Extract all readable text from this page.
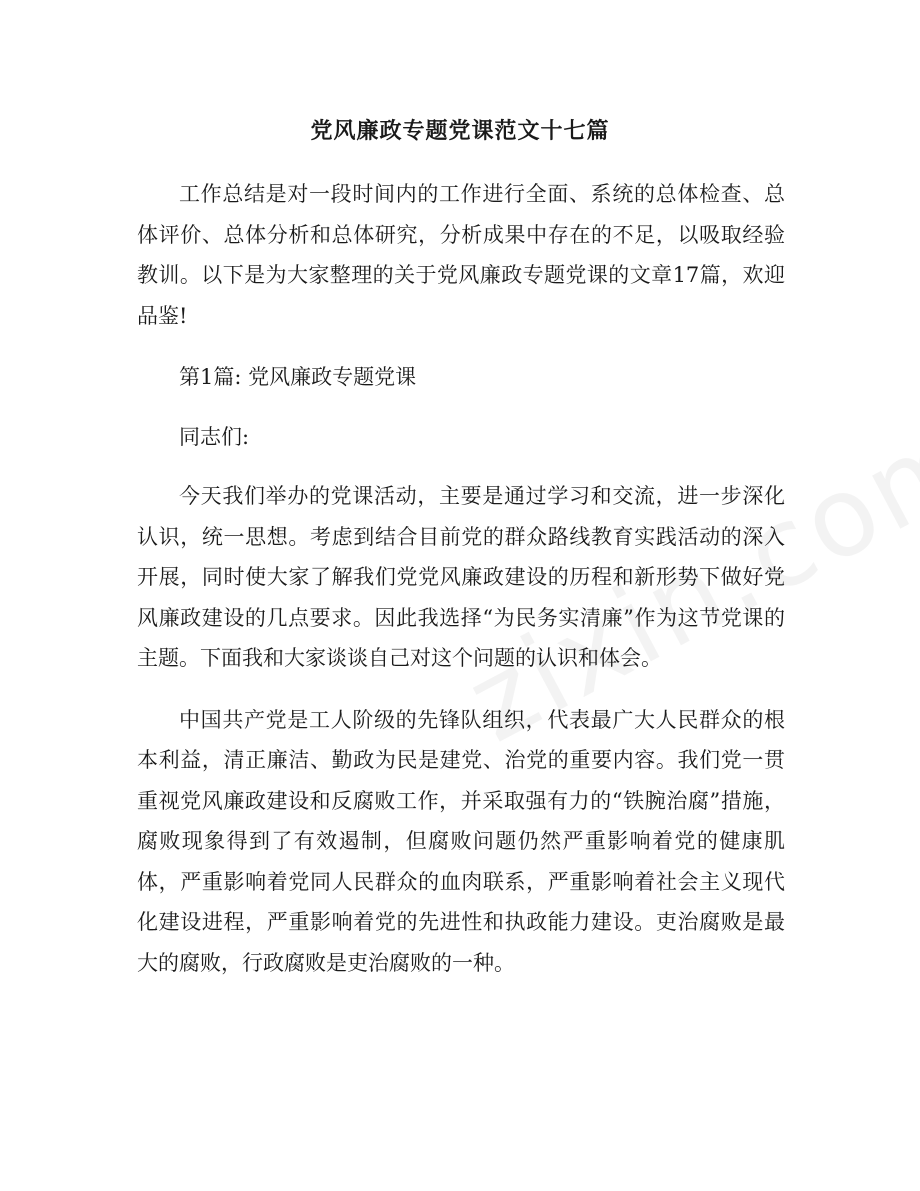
党风廉政专题党课范文十七篇

工作总结是对一段时间内的工作进行全面、系统的总体检查、总体评价、总体分析和总体研究，分析成果中存在的不足，以吸取经验教训。以下是为大家整理的关于党风廉政专题党课的文章17篇，欢迎品鉴!

第1篇: 党风廉政专题党课

同志们:

今天我们举办的党课活动，主要是通过学习和交流，进一步深化认识，统一思想。考虑到结合目前党的群众路线教育实践活动的深入开展，同时使大家了解我们党党风廉政建设的历程和新形势下做好党风廉政建设的几点要求。因此我选择“为民务实清廉”作为这节党课的主题。下面我和大家谈谈自己对这个问题的认识和体会。

中国共产党是工人阶级的先锋队组织，代表最广大人民群众的根本利益，清正廉洁、勤政为民是建党、治党的重要内容。我们党一贯重视党风廉政建设和反腐败工作，并采取强有力的“铁腕治腐”措施，腐败现象得到了有效遏制，但腐败问题仍然严重影响着党的健康肌体，严重影响着党同人民群众的血肉联系，严重影响着社会主义现代化建设进程，严重影响着党的先进性和执政能力建设。吏治腐败是最大的腐败，行政腐败是吏治腐败的一种。
